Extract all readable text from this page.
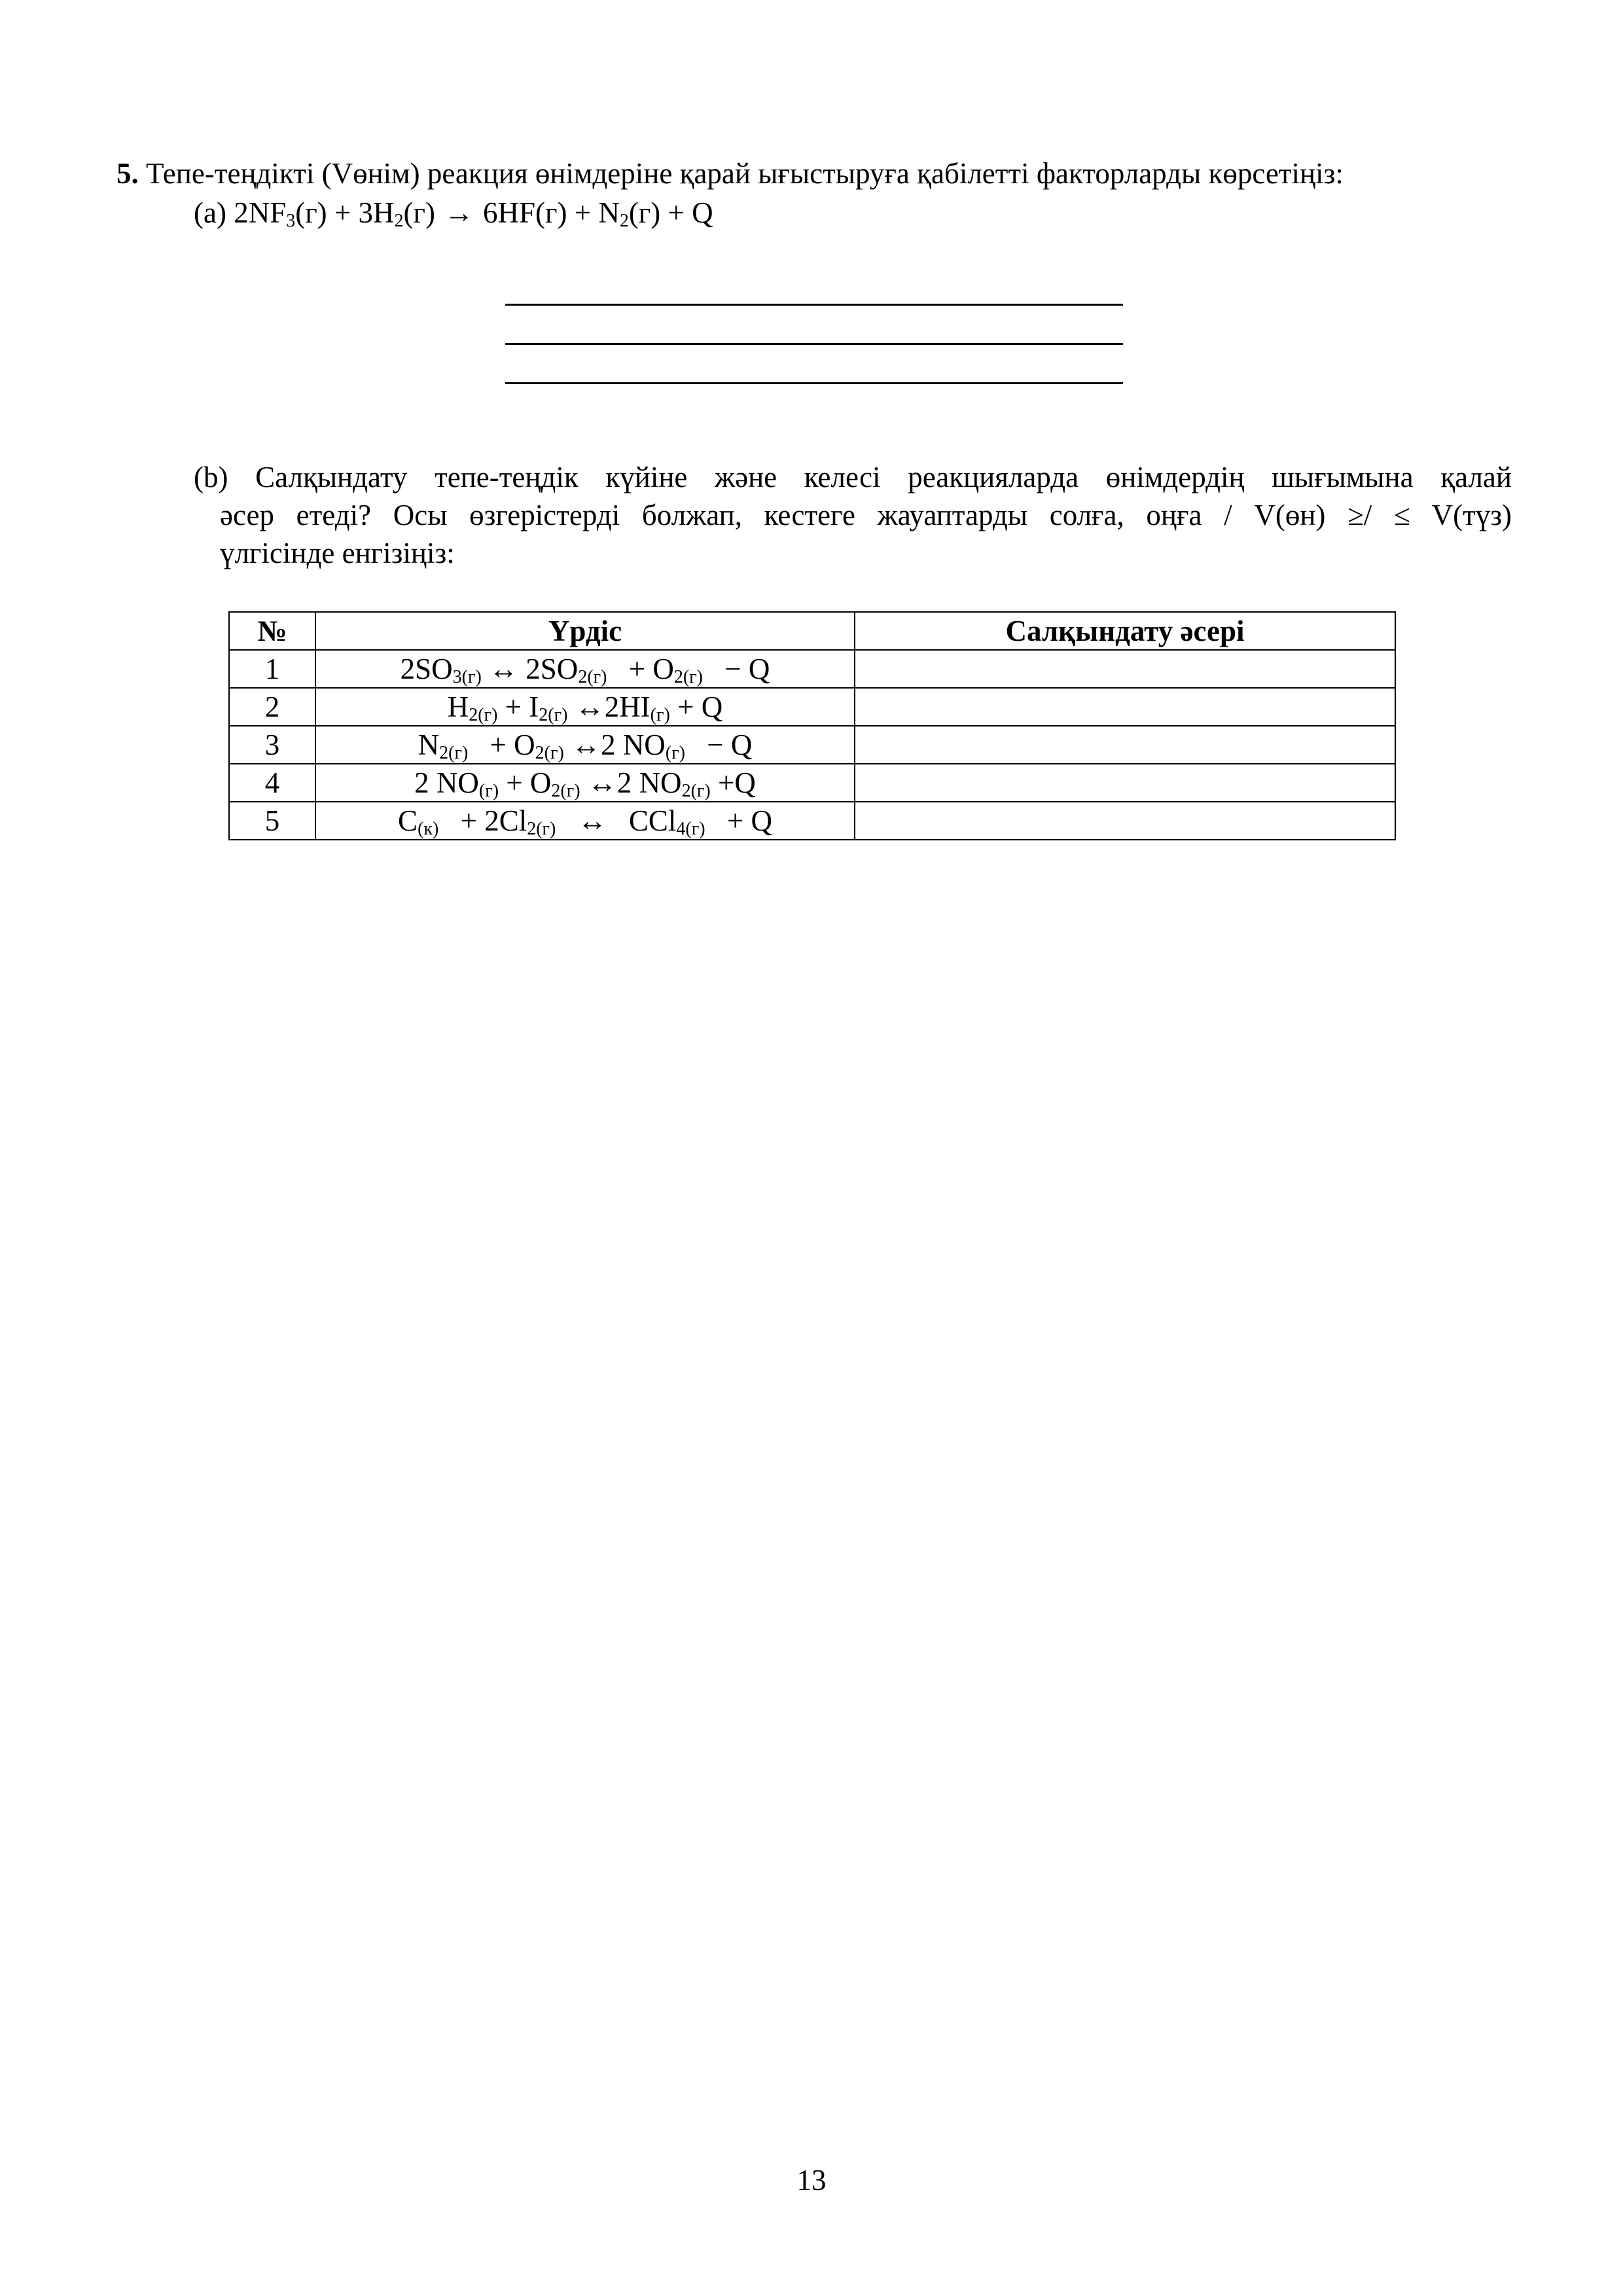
5. Тепе-теңдікті (Vөнім) реакция өнімдеріне қарай ығыстыруға қабілетті факторларды көрсетіңіз:
(a) $2NF_3(г) + 3H_2(г) \to 6HF(г) + N_2(г) + Q$
(b) Салқындату тепе-теңдік күйіне және келесі реакцияларда өнімдердің шығымына қалай
әсер етеді? Осы өзгерістерді болжап, кестеге жауаптарды солға, оңға / V(өн) ≥/ ≤ V(түз)
үлгісінде енгізіңіз:
№	Үрдіс	Салқындату әсері
1	$2SO_{3(г)}$ ↔ $2SO_{2(г)} + O_{2(г)} - Q$	
2	$H_{2(г)} + I_{2(г)}$ $\leftrightarrow 2HI_{(г)} + Q$	
3	$N_{2(г)} + O_{2(г)}$ ↔2 $NO_{(г)} - Q$	
4	2 $NO_{(г)} + O_{2(г)}$ ↔2 $NO_{2(г)} +Q$	
5	$C_{(к)} + 2Cl_{2(г)}$ ↔ CCl$_{4(г)}$ + Q	
13
